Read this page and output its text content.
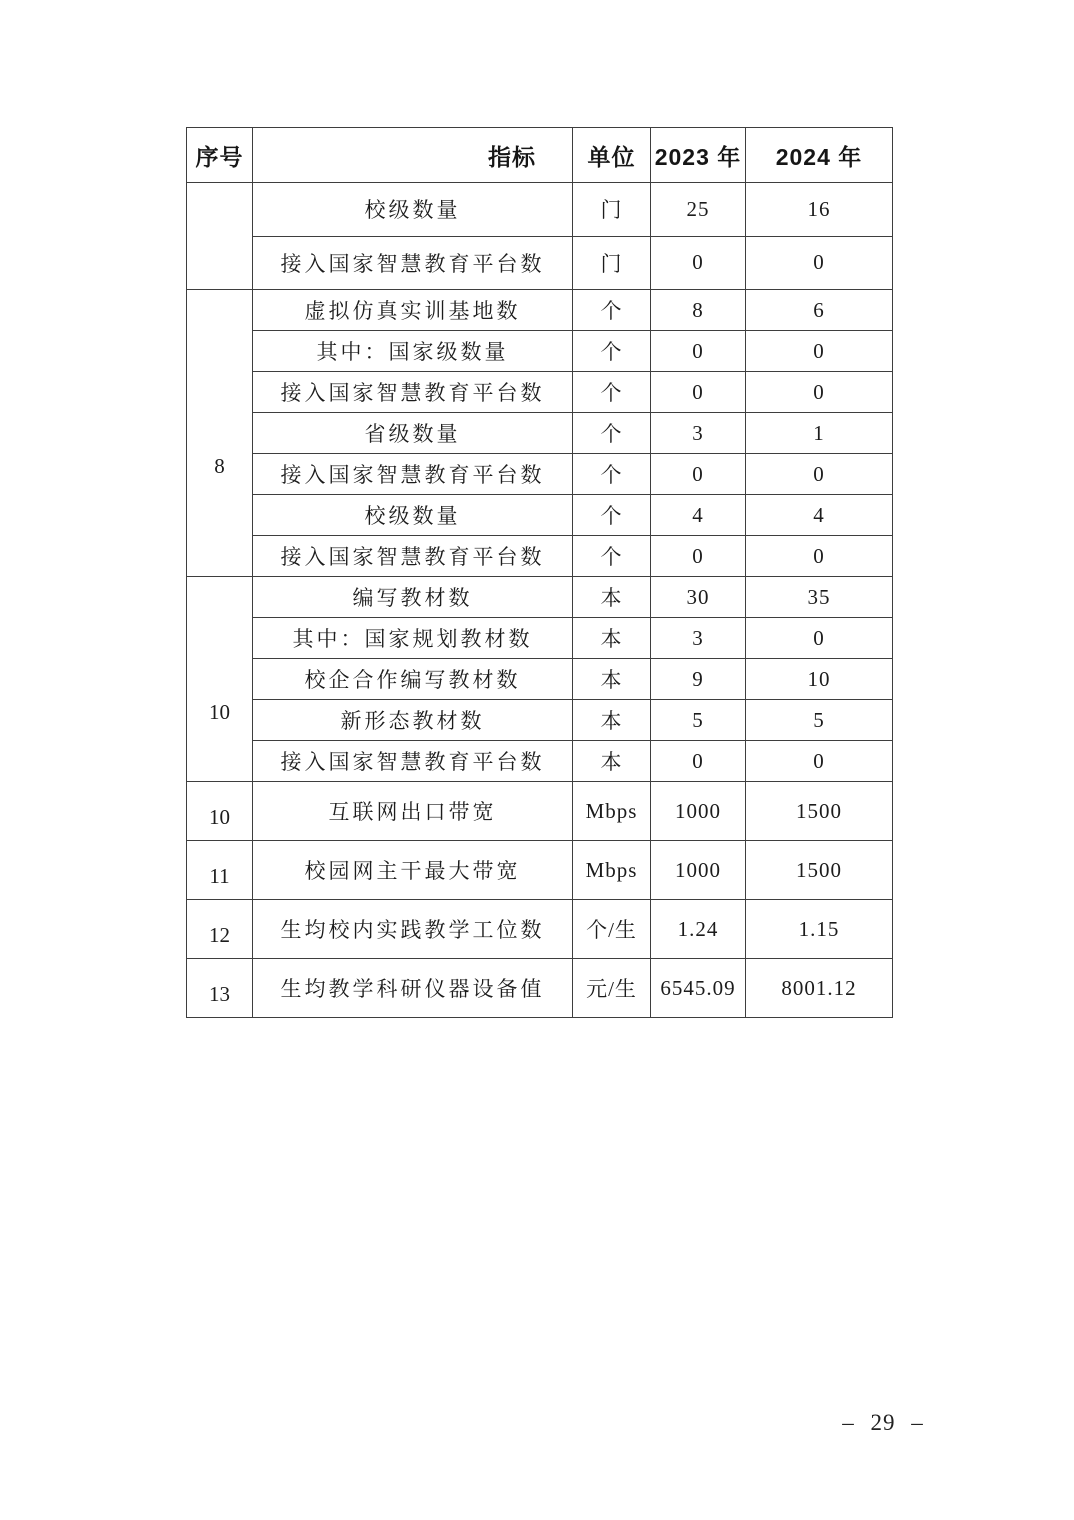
序号	指标	单位	2023 年	2024 年
	校级数量	门	25	16
	接入国家智慧教育平台数	门	0	0
8	虚拟仿真实训基地数	个	8	6
	其中：国家级数量	个	0	0
	接入国家智慧教育平台数	个	0	0
	省级数量	个	3	1
	接入国家智慧教育平台数	个	0	0
	校级数量	个	4	4
	接入国家智慧教育平台数	个	0	0
10	编写教材数	本	30	35
	其中：国家规划教材数	本	3	0
	校企合作编写教材数	本	9	10
	新形态教材数	本	5	5
	接入国家智慧教育平台数	本	0	0
10	互联网出口带宽	Mbps	1000	1500
11	校园网主干最大带宽	Mbps	1000	1500
12	生均校内实践教学工位数	个/生	1.24	1.15
13	生均教学科研仪器设备值	元/生	6545.09	8001.12
– 29 –
